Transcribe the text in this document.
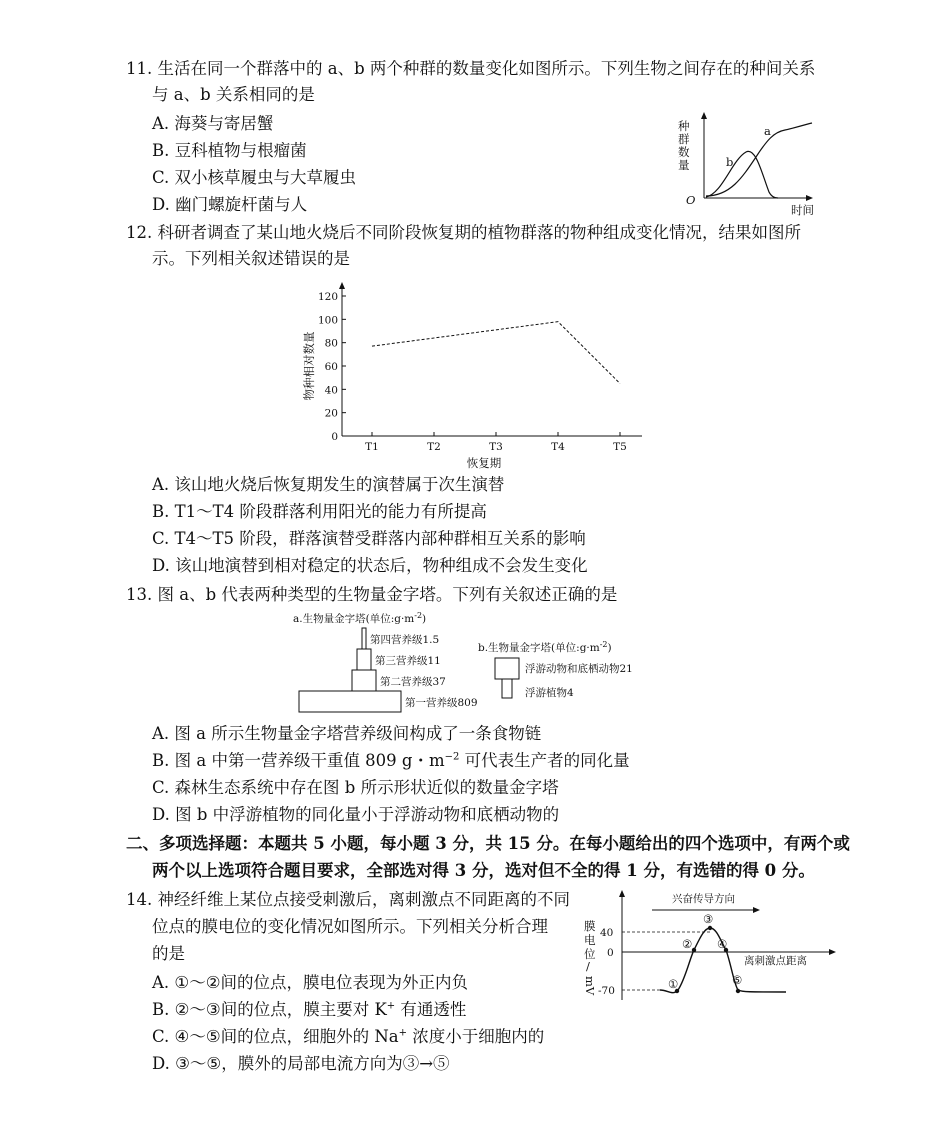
11. 生活在同一个群落中的 a、b 两个种群的数量变化如图所示。下列生物之间存在的种间关系
与 a、b 关系相同的是
A. 海葵与寄居蟹
B. 豆科植物与根瘤菌
C. 双小核草履虫与大草履虫
D. 幽门螺旋杆菌与人
种
群
数
量
O
时间
a
b
12. 科研者调查了某山地火烧后不同阶段恢复期的植物群落的物种组成变化情况，结果如图所
示。下列相关叙述错误的是
0
20
40
60
80
100
120
T1	T2	T3	T4	T5
恢复期
物种相对数量
A. 该山地火烧后恢复期发生的演替属于次生演替
B. T1～T4 阶段群落利用阳光的能力有所提高
C. T4～T5 阶段，群落演替受群落内部种群相互关系的影响
D. 该山地演替到相对稳定的状态后，物种组成不会发生变化
13. 图 a、b 代表两种类型的生物量金字塔。下列有关叙述正确的是
a.生物量金字塔(单位$:g\cdot m^{-2}$)
第四营养级1.5
第三营养级11
第二营养级37
第一营养级809
b.生物量金字塔(单位$:g\cdot m^{-2}$)
浮游动物和底栖动物21
浮游植物4
A. 图 a 所示生物量金字塔营养级间构成了一条食物链
B. 图 a 中第一营养级干重值 809 g・$m^{-2}$ 可代表生产者的同化量
C. 森林生态系统中存在图 b 所示形状近似的数量金字塔
D. 图 b 中浮游植物的同化量小于浮游动物和底栖动物的
二、多项选择题：本题共 5 小题，每小题 3 分，共 15 分。在每小题给出的四个选项中，有两个或
两个以上选项符合题目要求，全部选对得 3 分，选对但不全的得 1 分，有选错的得 0 分。
14. 神经纤维上某位点接受刺激后，离刺激点不同距离的不同
位点的膜电位的变化情况如图所示。下列相关分析合理
的是
A. ①～②间的位点，膜电位表现为外正内负
B. ②～③间的位点，膜主要对 K+ 有通透性
C. ④～⑤间的位点，细胞外的 Na+ 浓度小于细胞内的
D. ③～⑤，膜外的局部电流方向为③→⑤
兴奋传导方向
膜
电
位
/
mV
40
0
-70
离刺激点距离
①
②
③
④
⑤
